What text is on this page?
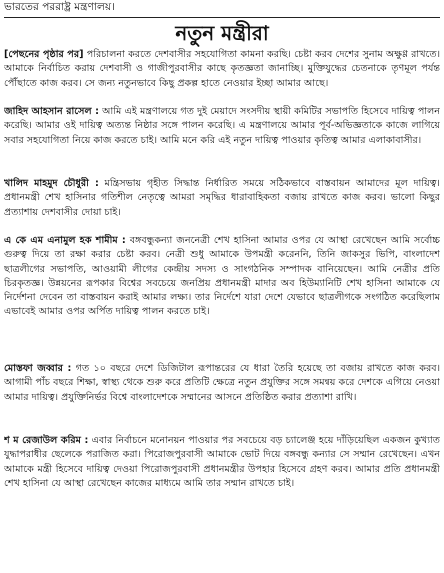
ভারতের পররাষ্ট্র মন্ত্রণালয়।
নতুন মন্ত্রীরা

[পেছনের পৃষ্ঠার পর] পরিচালনা করতে দেশবাসীর সহযোগিতা কামনা করছি। চেষ্টা করব দেশের সুনাম অক্ষুণ্ণ রাখতে। আমাকে নির্বাচিত করায় দেশবাসী ও গাজীপুরবাসীর কাছে কৃতজ্ঞতা জানাচ্ছি। মুক্তিযুদ্ধের চেতনাকে তৃণমূল পর্যন্ত পৌঁছাতে কাজ করব। সে জন্য নতুনভাবে কিছু প্রকল্প হাতে নেওয়ার ইচ্ছা আমার আছে।

জাহিদ আহসান রাসেল : আমি এই মন্ত্রণালয়ে গত দুই মেয়াদে সংসদীয় স্থায়ী কমিটির সভাপতি হিসেবে দায়িত্ব পালন করেছি। আমার ওই দায়িত্ব অত্যন্ত নিষ্ঠার সঙ্গে পালন করেছি। এ মন্ত্রণালয়ে আমার পূর্ব-অভিজ্ঞতাকে কাজে লাগিয়ে সবার সহযোগিতা নিয়ে কাজ করতে চাই। আমি মনে করি এই নতুন দায়িত্ব পাওয়ার কৃতিত্ব আমার এলাকাবাসীর।

খালিদ মাহমুদ চৌধুরী : মন্ত্রিসভায় গৃহীত সিদ্ধান্ত নির্ধারিত সময়ে সঠিকভাবে বাস্তবায়ন আমাদের মূল দায়িত্ব। প্রধানমন্ত্রী শেখ হাসিনার গতিশীল নেতৃত্বে আমরা সমৃদ্ধির ধারাবাহিকতা বজায় রাখতে কাজ করব। ভালো কিছুর প্রত্যাশায় দেশবাসীর দোয়া চাই।

এ কে এম এনামুল হক শামীম : বঙ্গবন্ধুকন্যা জননেত্রী শেখ হাসিনা আমার ওপর যে আস্থা রেখেছেন আমি সর্বোচ্চ গুরুত্ব দিয়ে তা রক্ষা করার চেষ্টা করব। নেত্রী শুধু আমাকে উপমন্ত্রী করেননি, তিনি জাকসুর ভিপি, বাংলাদেশ ছাত্রলীগের সভাপতি, আওয়ামী লীগের কেন্দ্রীয় সদস্য ও সাংগঠনিক সম্পাদক বানিয়েছেন। আমি নেত্রীর প্রতি চিরকৃতজ্ঞ। উন্নয়নের রূপকার বিশ্বের সবচেয়ে জনপ্রিয় প্রধানমন্ত্রী মাদার অব হিউম্যানিটি শেখ হাসিনা আমাকে যে নির্দেশনা দেবেন তা বাস্তবায়ন করাই আমার লক্ষ্য। তার নির্দেশে যারা দেশে যেভাবে ছাত্রলীগকে সংগঠিত করেছিলাম এভাবেই আমার ওপর অর্পিত দায়িত্ব পালন করতে চাই।

মোস্তফা জব্বার : গত ১০ বছরে দেশে ডিজিটাল রূপান্তরের যে ধারা তৈরি হয়েছে তা বজায় রাখতে কাজ করব। আগামী পাঁচ বছরে শিক্ষা, স্বাস্থ্য থেকে শুরু করে প্রতিটি ক্ষেত্রে নতুন প্রযুক্তির সঙ্গে সমন্বয় করে দেশকে এগিয়ে নেওয়া আমার দায়িত্ব। প্রযুক্তিনির্ভর বিশ্বে বাংলাদেশকে সম্মানের আসনে প্রতিষ্ঠিত করার প্রত্যাশা রাখি।

শ ম রেজাউল করিম : এবার নির্বাচনে মনোনয়ন পাওয়ার পর সবচেয়ে বড় চ্যালেঞ্জ হয়ে দাঁড়িয়েছিল একজন কুখ্যাত যুদ্ধাপরাধীর ছেলেকে পরাজিত করা। পিরোজপুরবাসী আমাকে ভোট দিয়ে বঙ্গবন্ধু কন্যার সে সম্মান রেখেছেন। এখন আমাকে মন্ত্রী হিসেবে দায়িত্ব দেওয়া পিরোজপুরবাসী প্রধানমন্ত্রীর উপহার হিসেবে গ্রহণ করব। আমার প্রতি প্রধানমন্ত্রী শেখ হাসিনা যে আস্থা রেখেছেন কাজের মাধ্যমে আমি তার সম্মান রাখতে চাই।
